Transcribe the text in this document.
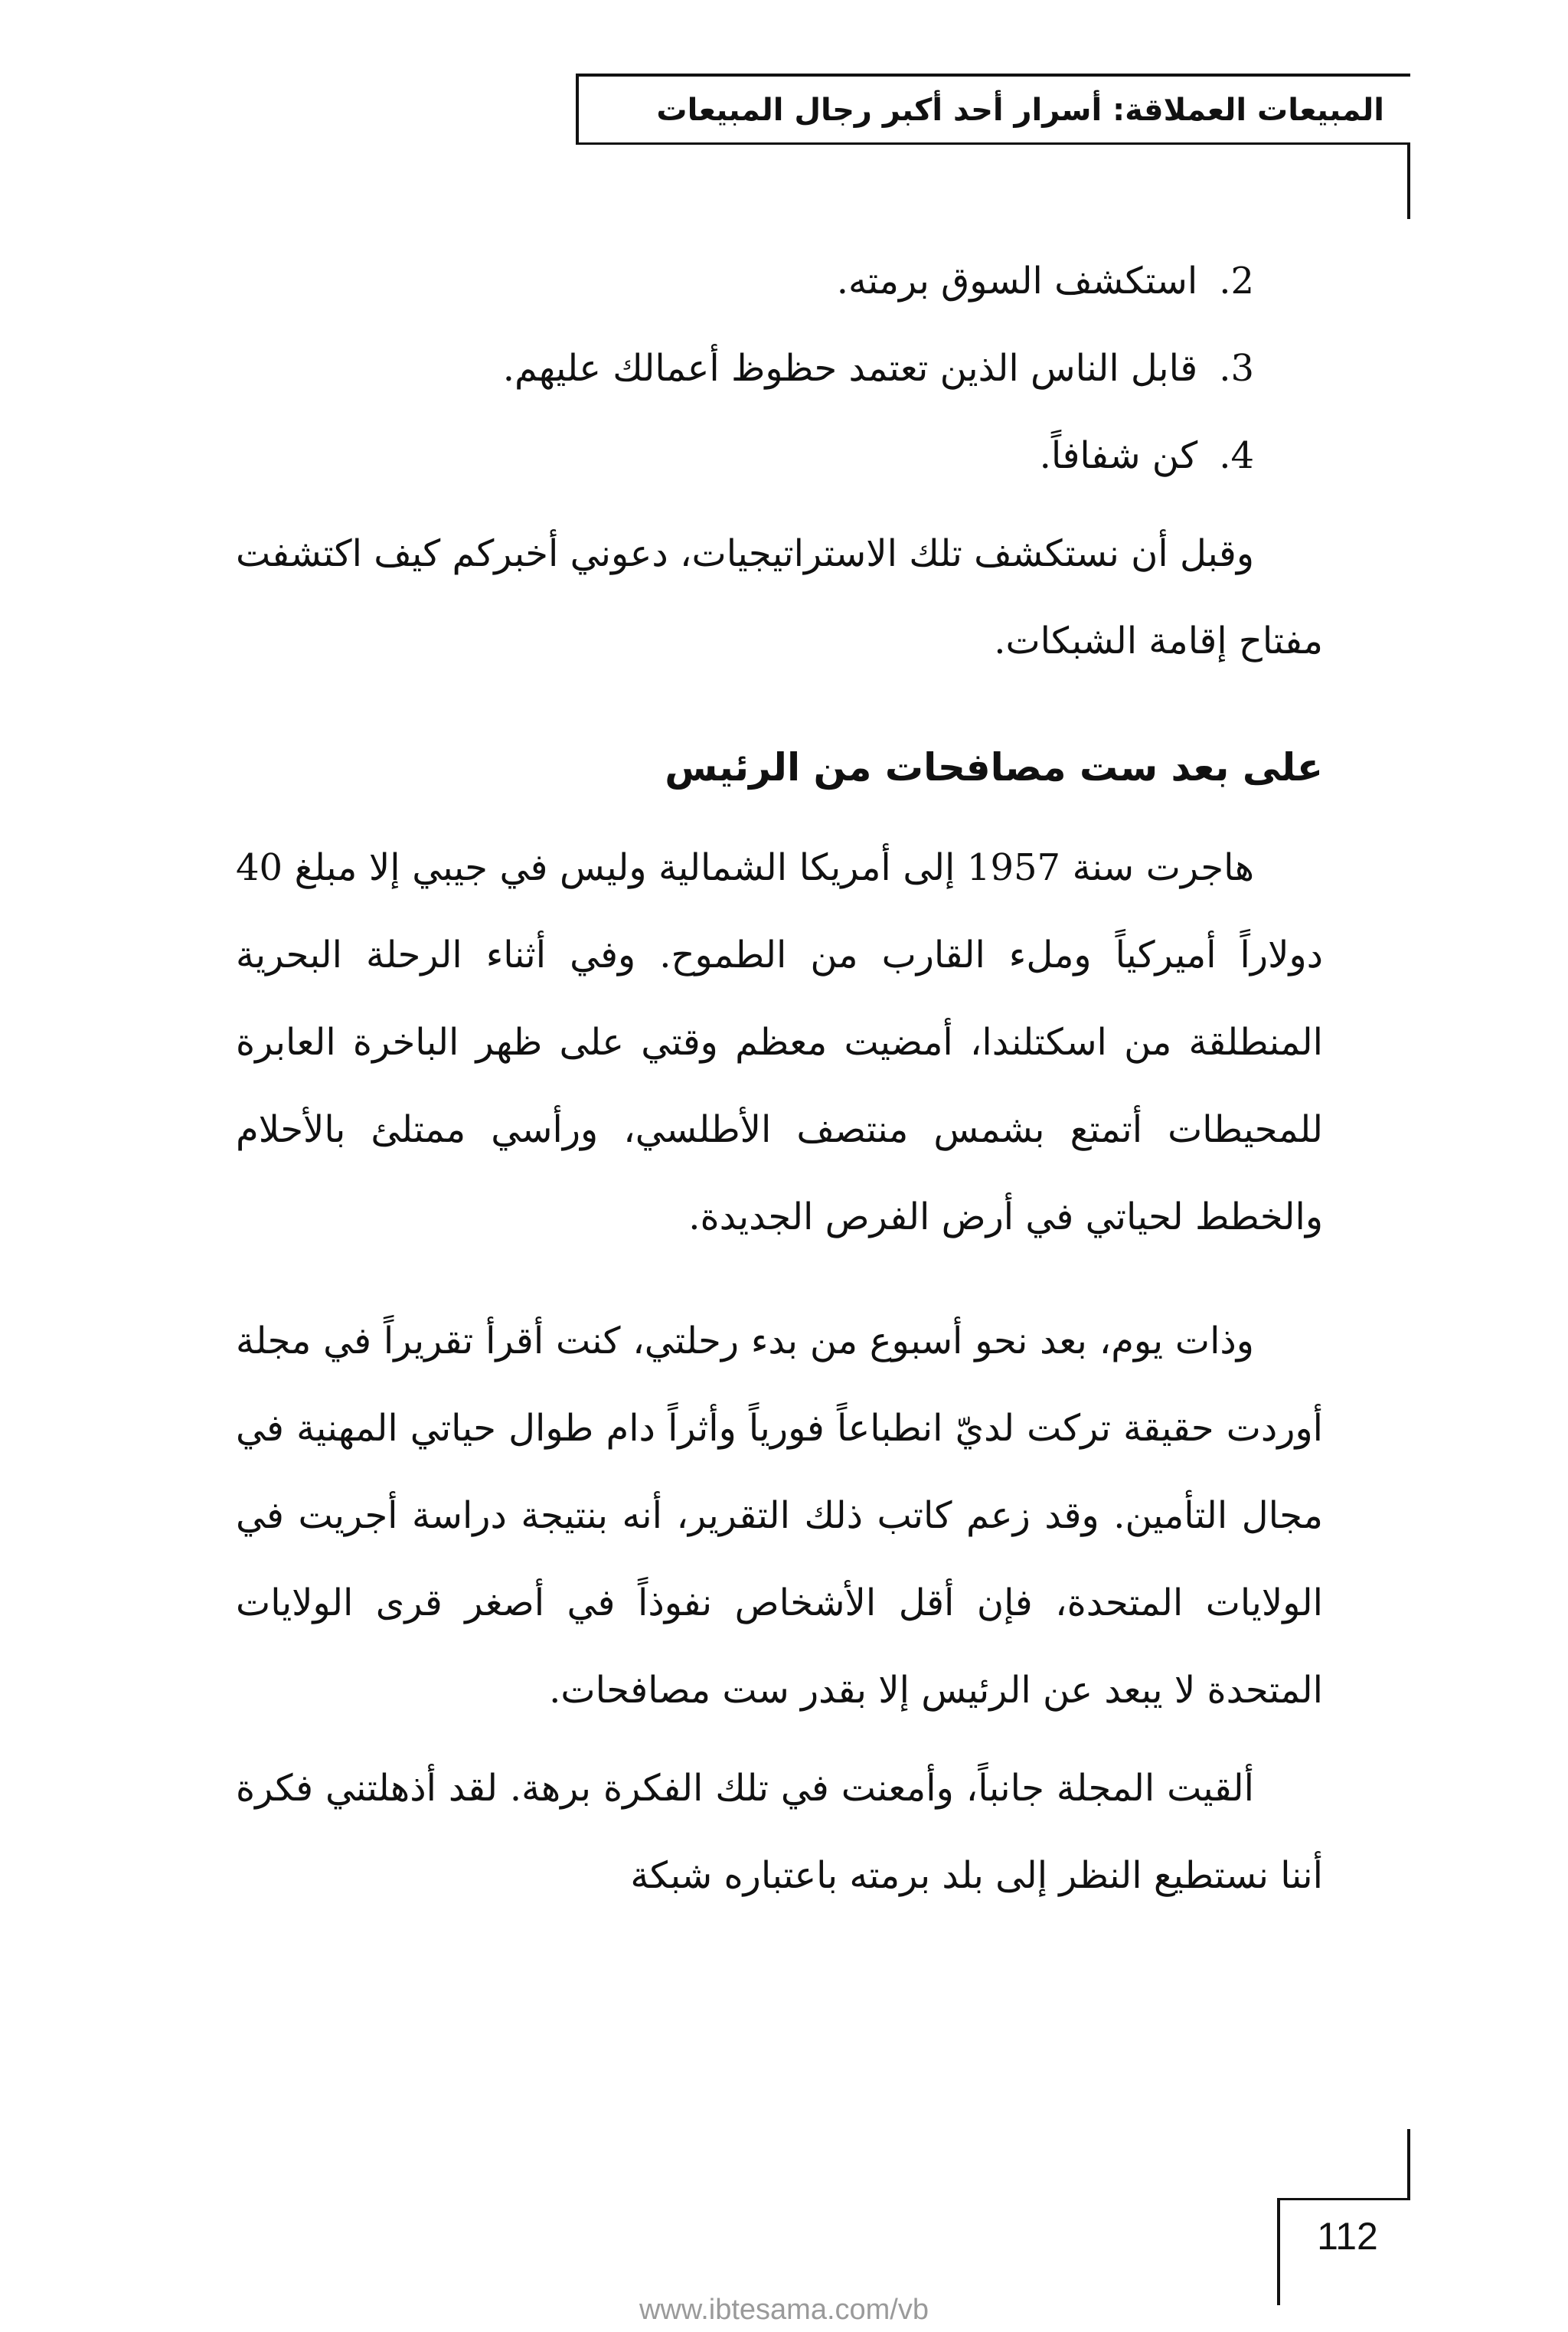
المبيعات العملاقة: أسرار أحد أكبر رجال المبيعات

2.استكشف السوق برمته.

3.قابل الناس الذين تعتمد حظوظ أعمالك عليهم.

4.كن شفافاً.

وقبل أن نستكشف تلك الاستراتيجيات، دعوني أخبركم كيف اكتشفت مفتاح إقامة الشبكات.

على بعد ست مصافحات من الرئيس

هاجرت سنة 1957 إلى أمريكا الشمالية وليس في جيبي إلا مبلغ 40 دولاراً أميركياً وملء القارب من الطموح. وفي أثناء الرحلة البحرية المنطلقة من اسكتلندا، أمضيت معظم وقتي على ظهر الباخرة العابرة للمحيطات أتمتع بشمس منتصف الأطلسي، ورأسي ممتلئ بالأحلام والخطط لحياتي في أرض الفرص الجديدة.

وذات يوم، بعد نحو أسبوع من بدء رحلتي، كنت أقرأ تقريراً في مجلة أوردت حقيقة تركت لديّ انطباعاً فورياً وأثراً دام طوال حياتي المهنية في مجال التأمين. وقد زعم كاتب ذلك التقرير، أنه بنتيجة دراسة أجريت في الولايات المتحدة، فإن أقل الأشخاص نفوذاً في أصغر قرى الولايات المتحدة لا يبعد عن الرئيس إلا بقدر ست مصافحات.

ألقيت المجلة جانباً، وأمعنت في تلك الفكرة برهة. لقد أذهلتني فكرة أننا نستطيع النظر إلى بلد برمته باعتباره شبكة

112
www.ibtesama.com/vb
